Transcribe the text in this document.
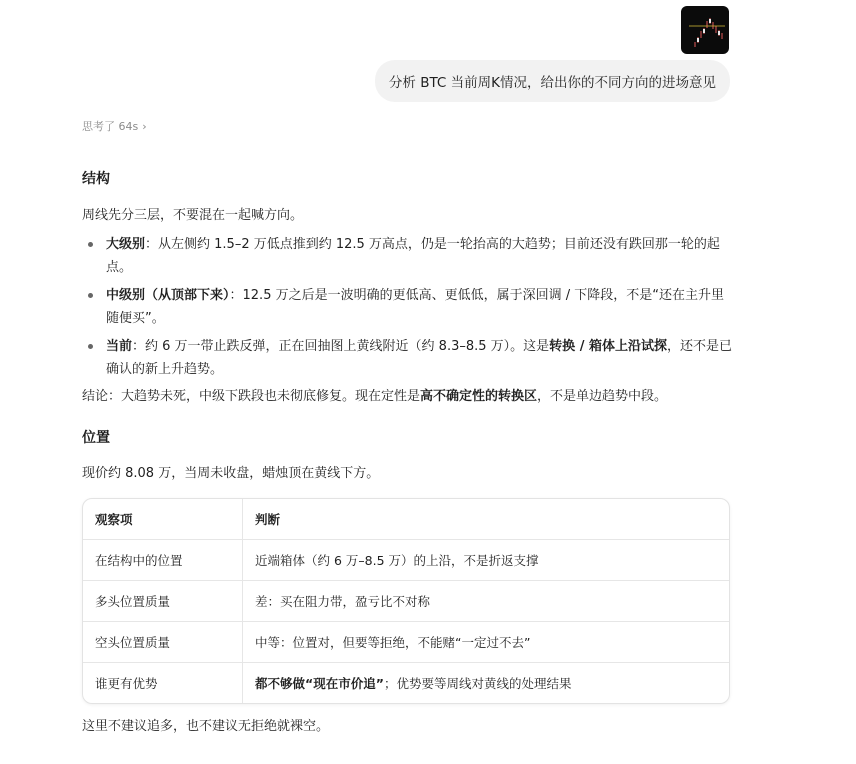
分析 BTC 当前周K情况，给出你的不同方向的进场意见
思考了 64s ›
结构

周线先分三层，不要混在一起喊方向。

大级别：从左侧约 1.5–2 万低点推到约 12.5 万高点，仍是一轮抬高的大趋势；目前还没有跌回那一轮的起点。
中级别（从顶部下来）：12.5 万之后是一波明确的更低高、更低低，属于深回调 / 下降段，不是“还在主升里随便买”。
当前：约 6 万一带止跌反弹，正在回抽图上黄线附近（约 8.3–8.5 万）。这是转换 / 箱体上沿试探，还不是已确认的新上升趋势。

结论：大趋势未死，中级下跌段也未彻底修复。现在定性是高不确定性的转换区，不是单边趋势中段。

位置

现价约 8.08 万，当周未收盘，蜡烛顶在黄线下方。

观察项	判断
在结构中的位置	近端箱体（约 6 万–8.5 万）的上沿，不是折返支撑
多头位置质量	差：买在阻力带，盈亏比不对称
空头位置质量	中等：位置对，但要等拒绝，不能赌“一定过不去”
谁更有优势	都不够做“现在市价追”；优势要等周线对黄线的处理结果

这里不建议追多，也不建议无拒绝就裸空。
